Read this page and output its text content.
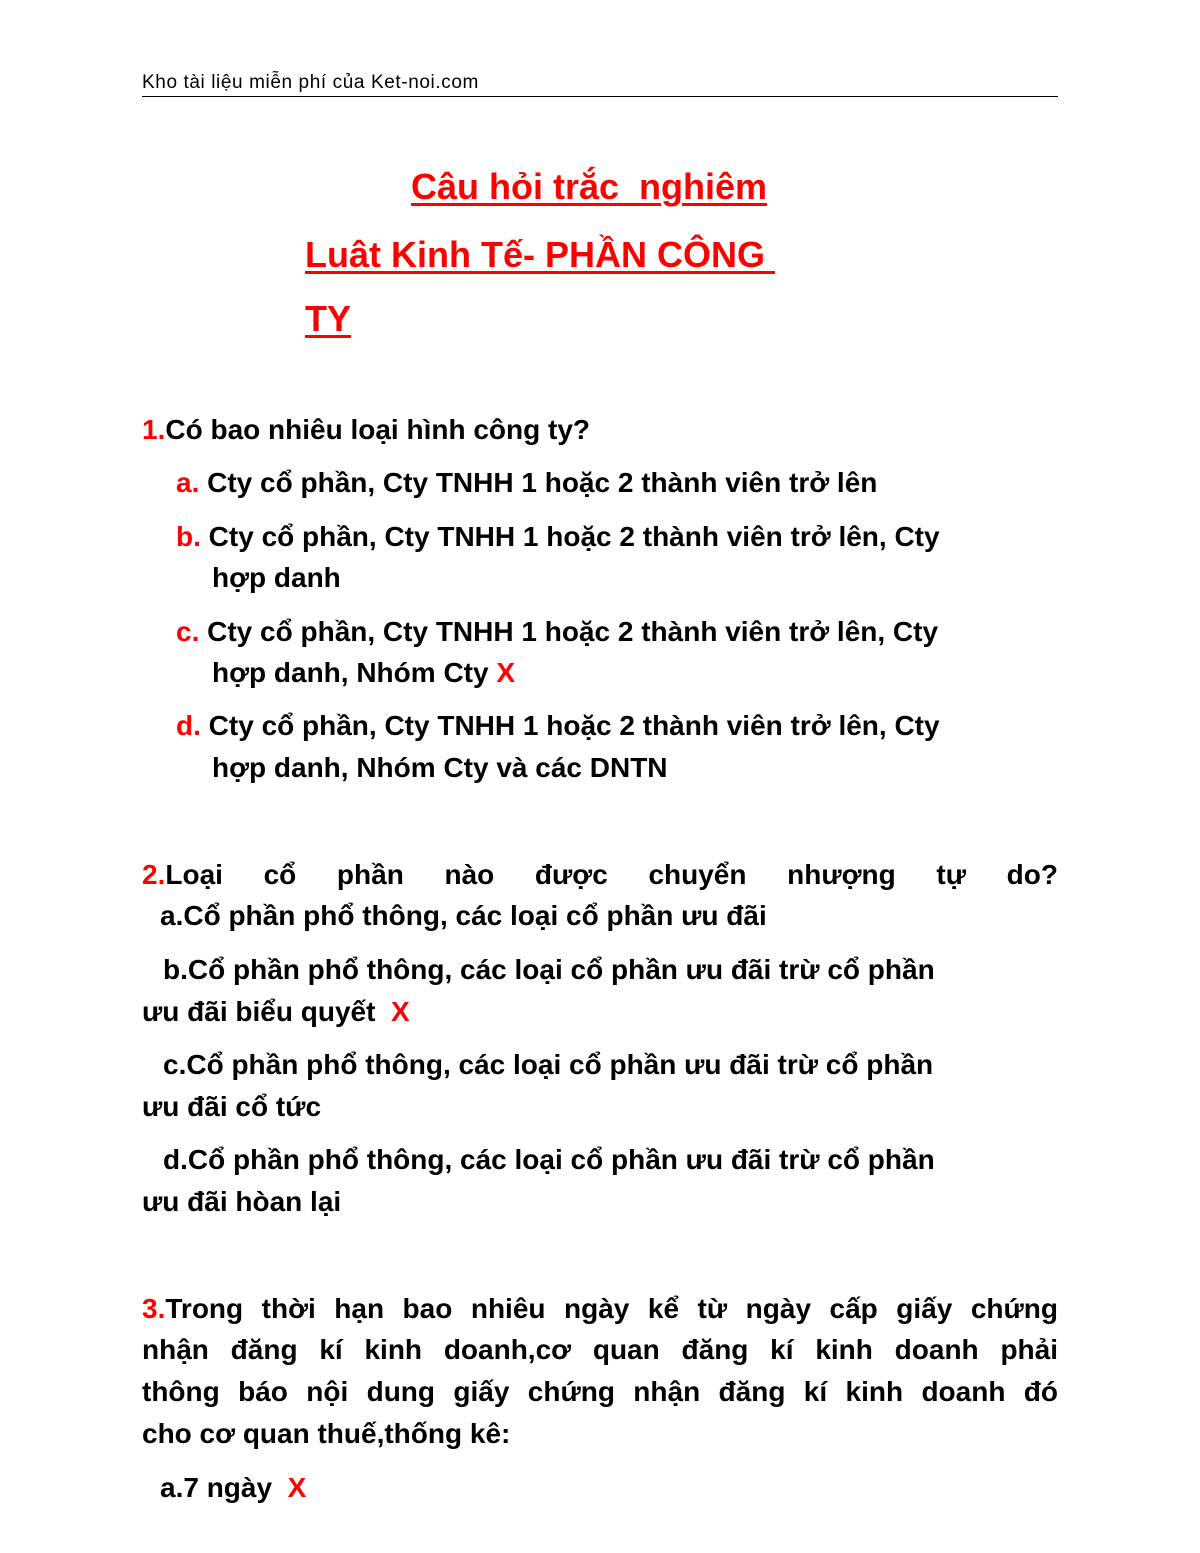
Kho tài liệu miễn phí của Ket-noi.com
Câu hỏi trắc  nghiêm
Luât Kinh Tế- PHẦN CÔNG
TY
1.Có bao nhiêu loại hình công ty?
a. Cty cổ phần, Cty TNHH 1 hoặc 2 thành viên trở lên
b. Cty cổ phần, Cty TNHH 1 hoặc 2 thành viên trở lên, Cty
hợp danh
c. Cty cổ phần, Cty TNHH 1 hoặc 2 thành viên trở lên, Cty
hợp danh, Nhóm Cty X
d. Cty cổ phần, Cty TNHH 1 hoặc 2 thành viên trở lên, Cty
hợp danh, Nhóm Cty và các DNTN
2.Loại cổ phần nào được chuyển nhượng tự do?
a.Cổ phần phổ thông, các loại cổ phần ưu đãi
b.Cổ phần phổ thông, các loại cổ phần ưu đãi trừ cổ phần
ưu đãi biểu quyết  X
c.Cổ phần phổ thông, các loại cổ phần ưu đãi trừ cổ phần
ưu đãi cổ tức
d.Cổ phần phổ thông, các loại cổ phần ưu đãi trừ cổ phần
ưu đãi hòan lại
3.Trong thời hạn bao nhiêu ngày kể từ ngày cấp giấy chứng
nhận đăng kí kinh doanh,cơ quan đăng kí kinh doanh phải
thông báo nội dung giấy chứng nhận đăng kí kinh doanh đó
cho cơ quan thuế,thống kê:
a.7 ngày  X
